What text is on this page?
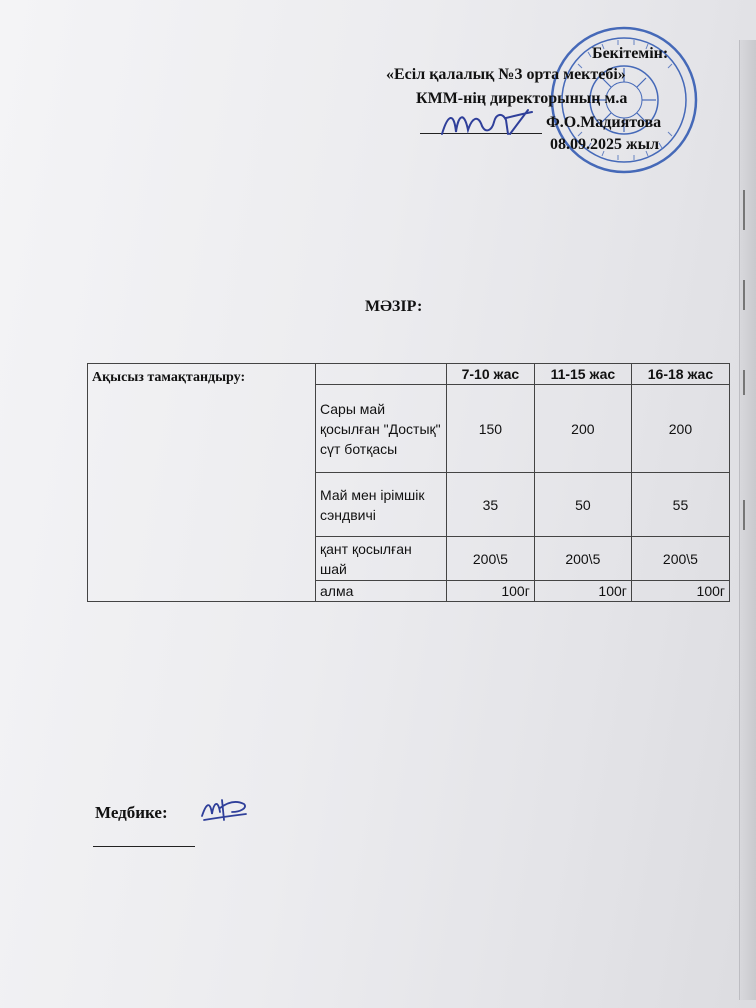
Бекітемін:
«Есіл қалалық №3 орта мектебі»
КММ-нің директорының м.а
Ф.О.Мадиятова
08.09.2025 жыл
МӘЗІР:
Ақысыз тамақтандыру:		7-10 жас	11-15 жас	16-18 жас
	Сары май қосылған "Достық" сүт ботқасы	150	200	200
	Май мен ірімшік сэндвичі	35	50	55
	қант қосылған шай	200\5	200\5	200\5
	алма	100г	100г	100г
Медбике:
